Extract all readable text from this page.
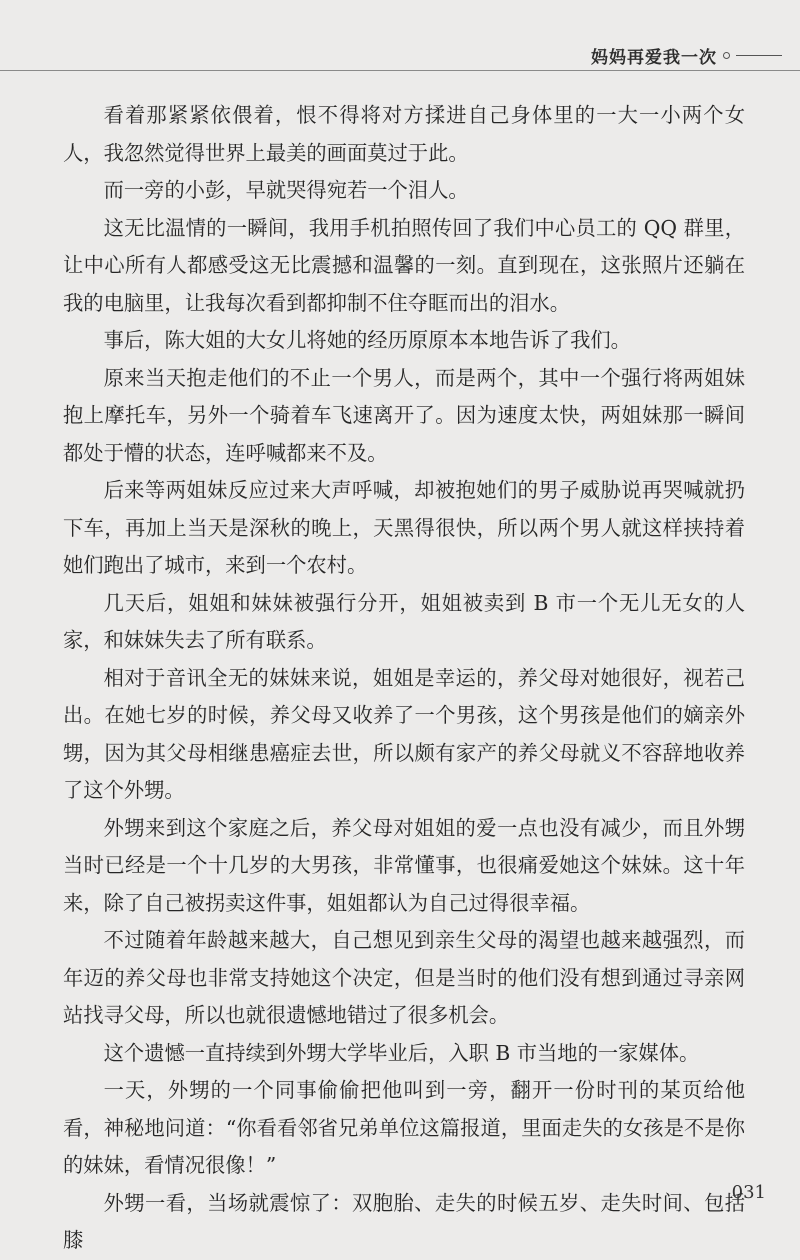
妈妈再爱我一次

看着那紧紧依偎着，恨不得将对方揉进自己身体里的一大一小两个女人，我忽然觉得世界上最美的画面莫过于此。

而一旁的小彭，早就哭得宛若一个泪人。

这无比温情的一瞬间，我用手机拍照传回了我们中心员工的 QQ 群里，让中心所有人都感受这无比震撼和温馨的一刻。直到现在，这张照片还躺在我的电脑里，让我每次看到都抑制不住夺眶而出的泪水。

事后，陈大姐的大女儿将她的经历原原本本地告诉了我们。

原来当天抱走他们的不止一个男人，而是两个，其中一个强行将两姐妹抱上摩托车，另外一个骑着车飞速离开了。因为速度太快，两姐妹那一瞬间都处于懵的状态，连呼喊都来不及。

后来等两姐妹反应过来大声呼喊，却被抱她们的男子威胁说再哭喊就扔下车，再加上当天是深秋的晚上，天黑得很快，所以两个男人就这样挟持着她们跑出了城市，来到一个农村。

几天后，姐姐和妹妹被强行分开，姐姐被卖到 B 市一个无儿无女的人家，和妹妹失去了所有联系。

相对于音讯全无的妹妹来说，姐姐是幸运的，养父母对她很好，视若己出。在她七岁的时候，养父母又收养了一个男孩，这个男孩是他们的嫡亲外甥，因为其父母相继患癌症去世，所以颇有家产的养父母就义不容辞地收养了这个外甥。

外甥来到这个家庭之后，养父母对姐姐的爱一点也没有减少，而且外甥当时已经是一个十几岁的大男孩，非常懂事，也很痛爱她这个妹妹。这十年来，除了自己被拐卖这件事，姐姐都认为自己过得很幸福。

不过随着年龄越来越大，自己想见到亲生父母的渴望也越来越强烈，而年迈的养父母也非常支持她这个决定，但是当时的他们没有想到通过寻亲网站找寻父母，所以也就很遗憾地错过了很多机会。

这个遗憾一直持续到外甥大学毕业后，入职 B 市当地的一家媒体。

一天，外甥的一个同事偷偷把他叫到一旁，翻开一份时刊的某页给他看，神秘地问道：“你看看邻省兄弟单位这篇报道，里面走失的女孩是不是你的妹妹，看情况很像！”

外甥一看，当场就震惊了：双胞胎、走失的时候五岁、走失时间、包括膝

031
